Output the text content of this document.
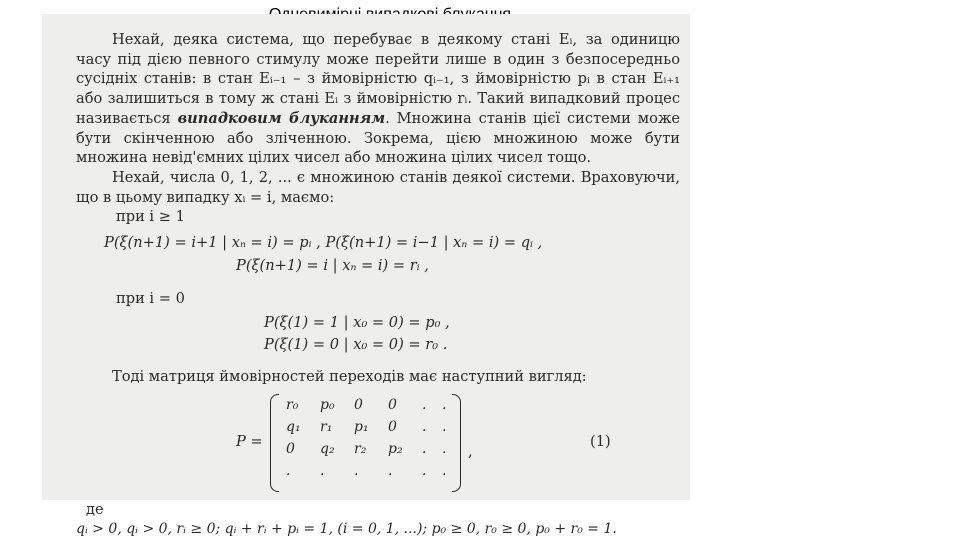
Нехай, деяка система, що перебуває в деякому стані Eᵢ, за одиницю часу під дією певного стимулу може перейти лише в один з безпосередньо сусідніх станів: в стан Eᵢ₋₁ – з ймовірністю qᵢ₋₁, з ймовірністю pᵢ в стан Eᵢ₊₁ або залишиться в тому ж стані Eᵢ з ймовірністю rᵢ. Такий випадковий процес називається випадковим блуканням. Множина станів цієї системи може бути скінченною або зліченною. Зокрема, цією множиною може бути множина невід'ємних цілих чисел або множина цілих чисел тощо.

Нехай, числа 0, 1, 2, ... є множиною станів деякої системи. Враховуючи, що в цьому випадку xᵢ = i, маємо:

при i ≥ 1

P(ξ(n+1) = i+1 | xₙ = i) = pᵢ , P(ξ(n+1) = i−1 | xₙ = i) = qᵢ ,

P(ξ(n+1) = i | xₙ = i) = rᵢ ,

при i = 0

P(ξ(1) = 1 | x₀ = 0) = p₀ ,

P(ξ(1) = 0 | x₀ = 0) = r₀ .

Тоді матриця ймовірностей переходів має наступний вигляд:

P =
r₀	p₀	0	0	.	.
q₁	r₁	p₁	0	.	.
0	q₂	r₂	p₂	.	.
.	.	.	.	.	.
,
(1)

де

qᵢ > 0, qᵢ > 0, rᵢ ≥ 0; qᵢ + rᵢ + pᵢ = 1, (i = 0, 1, ...); p₀ ≥ 0, r₀ ≥ 0, p₀ + r₀ = 1.
